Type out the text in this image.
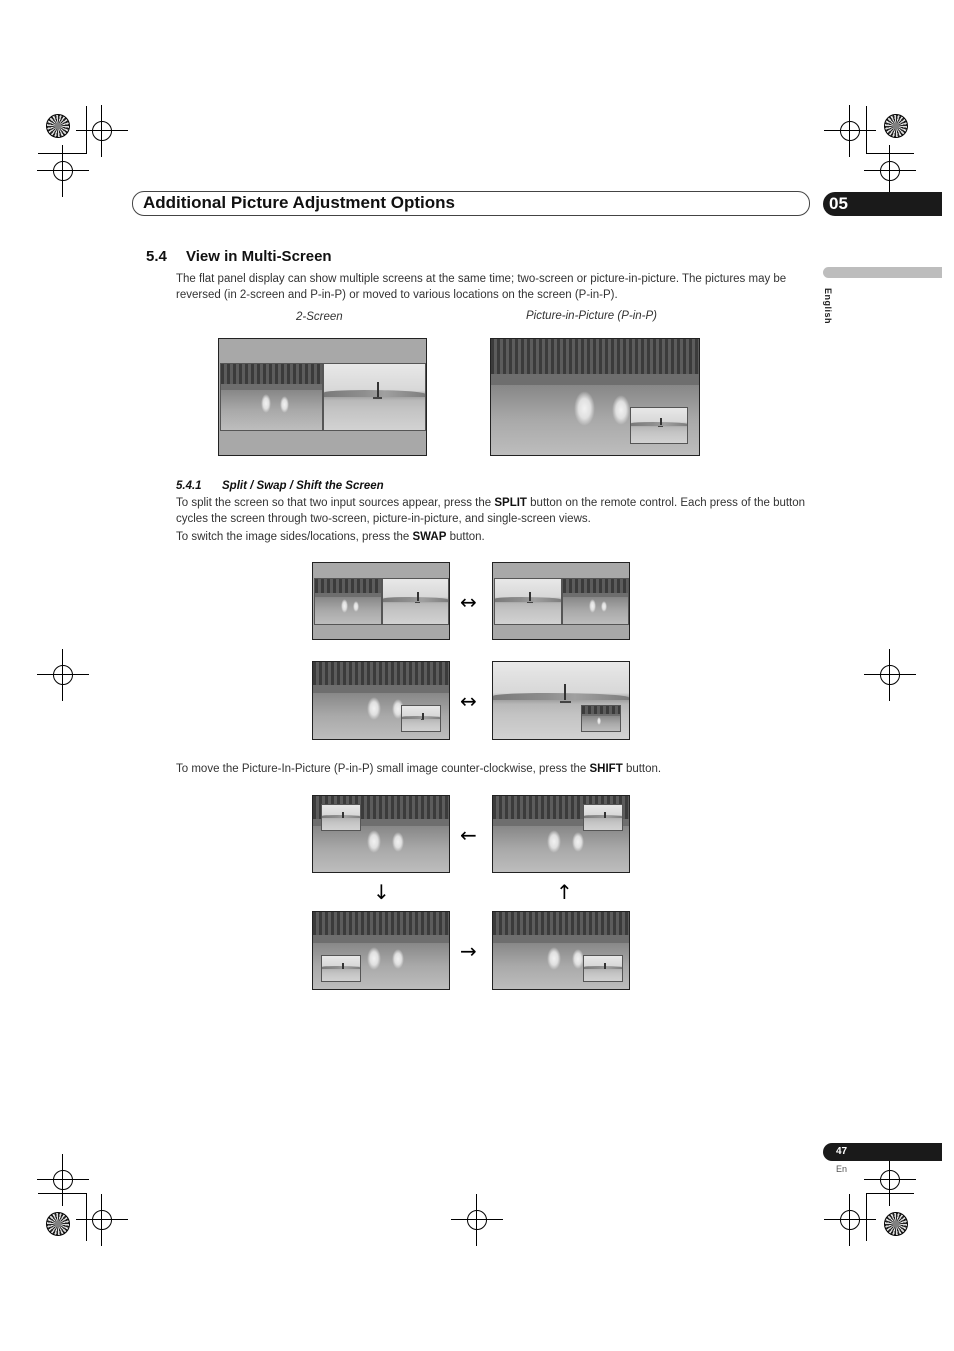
Additional Picture Adjustment Options	05
English
5.4 View in Multi-Screen
The flat panel display can show multiple screens at the same time; two-screen or picture-in-picture. The pictures may be reversed (in 2-screen and P-in-P) or moved to various locations on the screen (P-in-P).
2-Screen	Picture-in-Picture (P-in-P)
5.4.1 Split / Swap / Shift the Screen
To split the screen so that two input sources appear, press the SPLIT button on the remote control. Each press of the button cycles the screen through two-screen, picture-in-picture, and single-screen views.
To switch the image sides/locations, press the SWAP button.
↔
↔
To move the Picture-In-Picture (P-in-P) small image counter-clockwise, press the SHIFT button.
←
↓	↑
→
47
En
